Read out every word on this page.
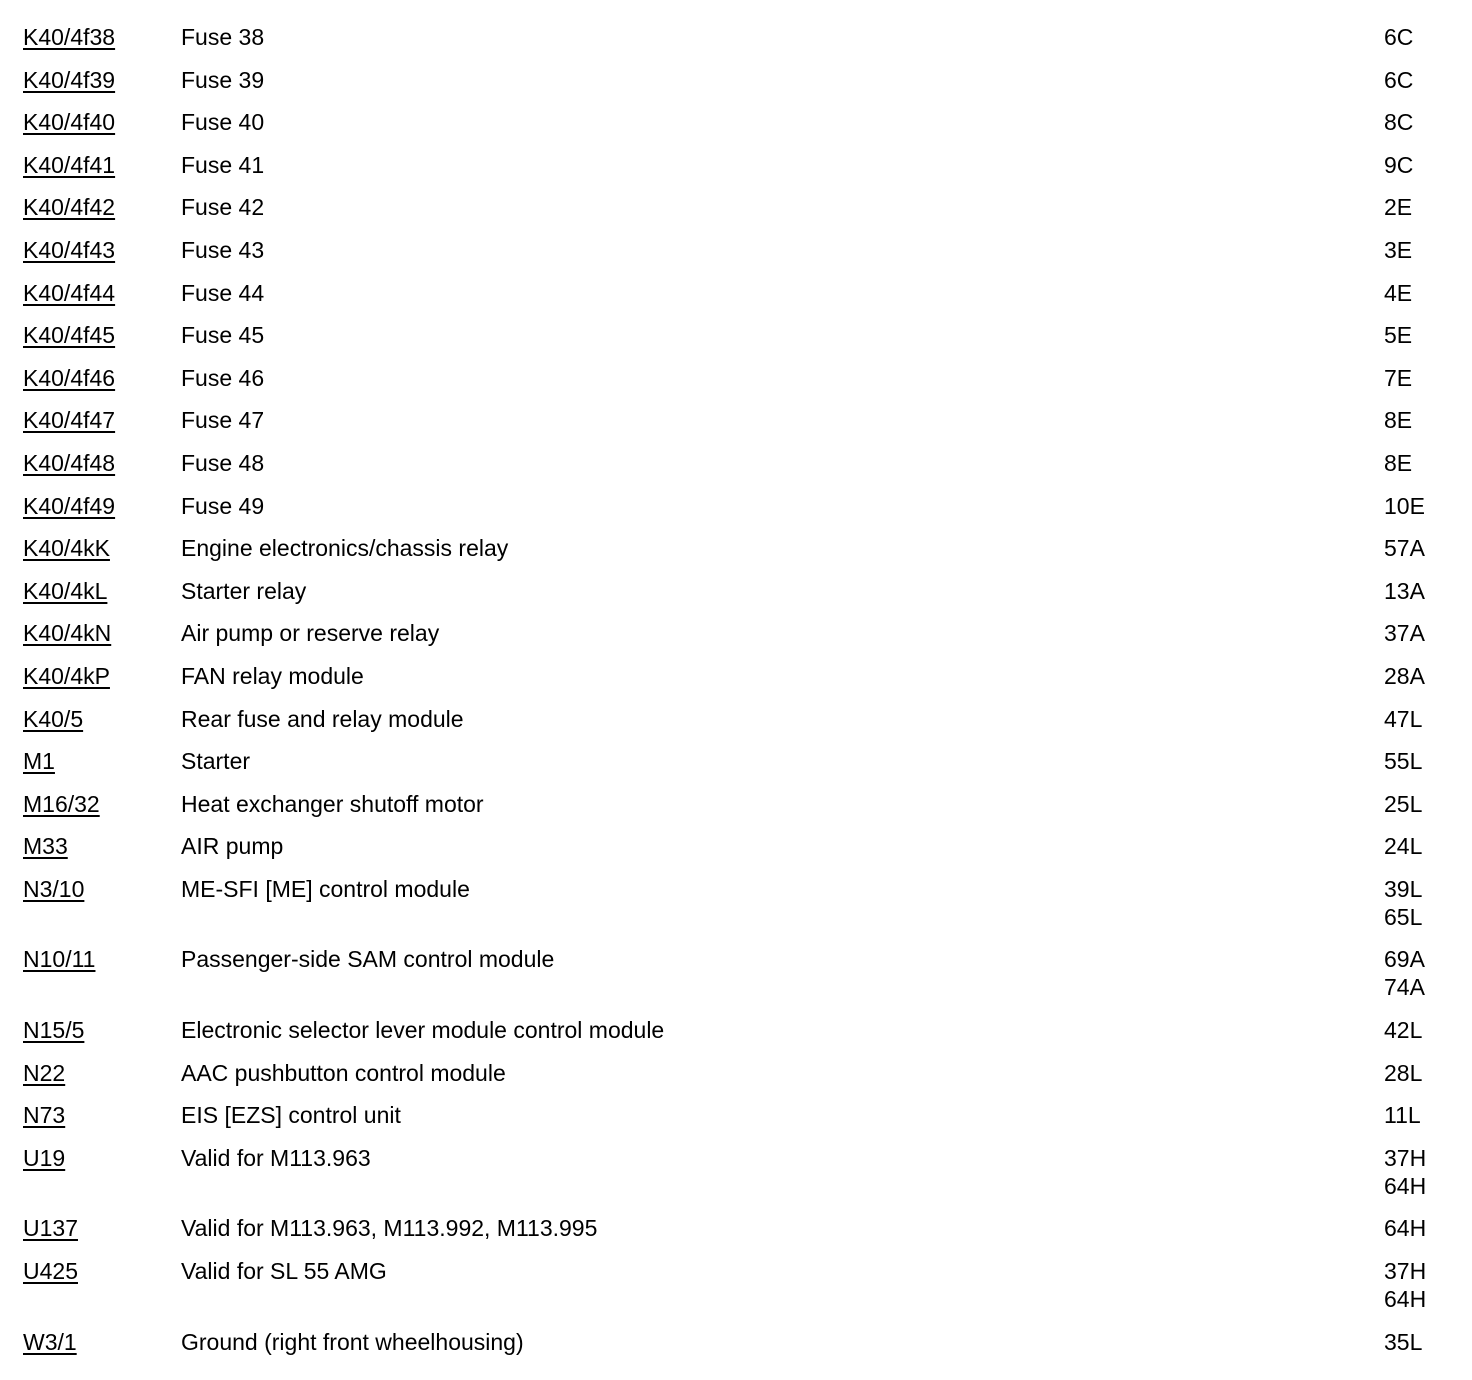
K40/4f38	Fuse 38	6C
K40/4f39	Fuse 39	6C
K40/4f40	Fuse 40	8C
K40/4f41	Fuse 41	9C
K40/4f42	Fuse 42	2E
K40/4f43	Fuse 43	3E
K40/4f44	Fuse 44	4E
K40/4f45	Fuse 45	5E
K40/4f46	Fuse 46	7E
K40/4f47	Fuse 47	8E
K40/4f48	Fuse 48	8E
K40/4f49	Fuse 49	10E
K40/4kK	Engine electronics/chassis relay	57A
K40/4kL	Starter relay	13A
K40/4kN	Air pump or reserve relay	37A
K40/4kP	FAN relay module	28A
K40/5	Rear fuse and relay module	47L
M1	Starter	55L
M16/32	Heat exchanger shutoff motor	25L
M33	AIR pump	24L
N3/10	ME-SFI [ME] control module	39L
65L
N10/11	Passenger-side SAM control module	69A
74A
N15/5	Electronic selector lever module control module	42L
N22	AAC pushbutton control module	28L
N73	EIS [EZS] control unit	11L
U19	Valid for M113.963	37H
64H
U137	Valid for M113.963, M113.992, M113.995	64H
U425	Valid for SL 55 AMG	37H
64H
W3/1	Ground (right front wheelhousing)	35L
